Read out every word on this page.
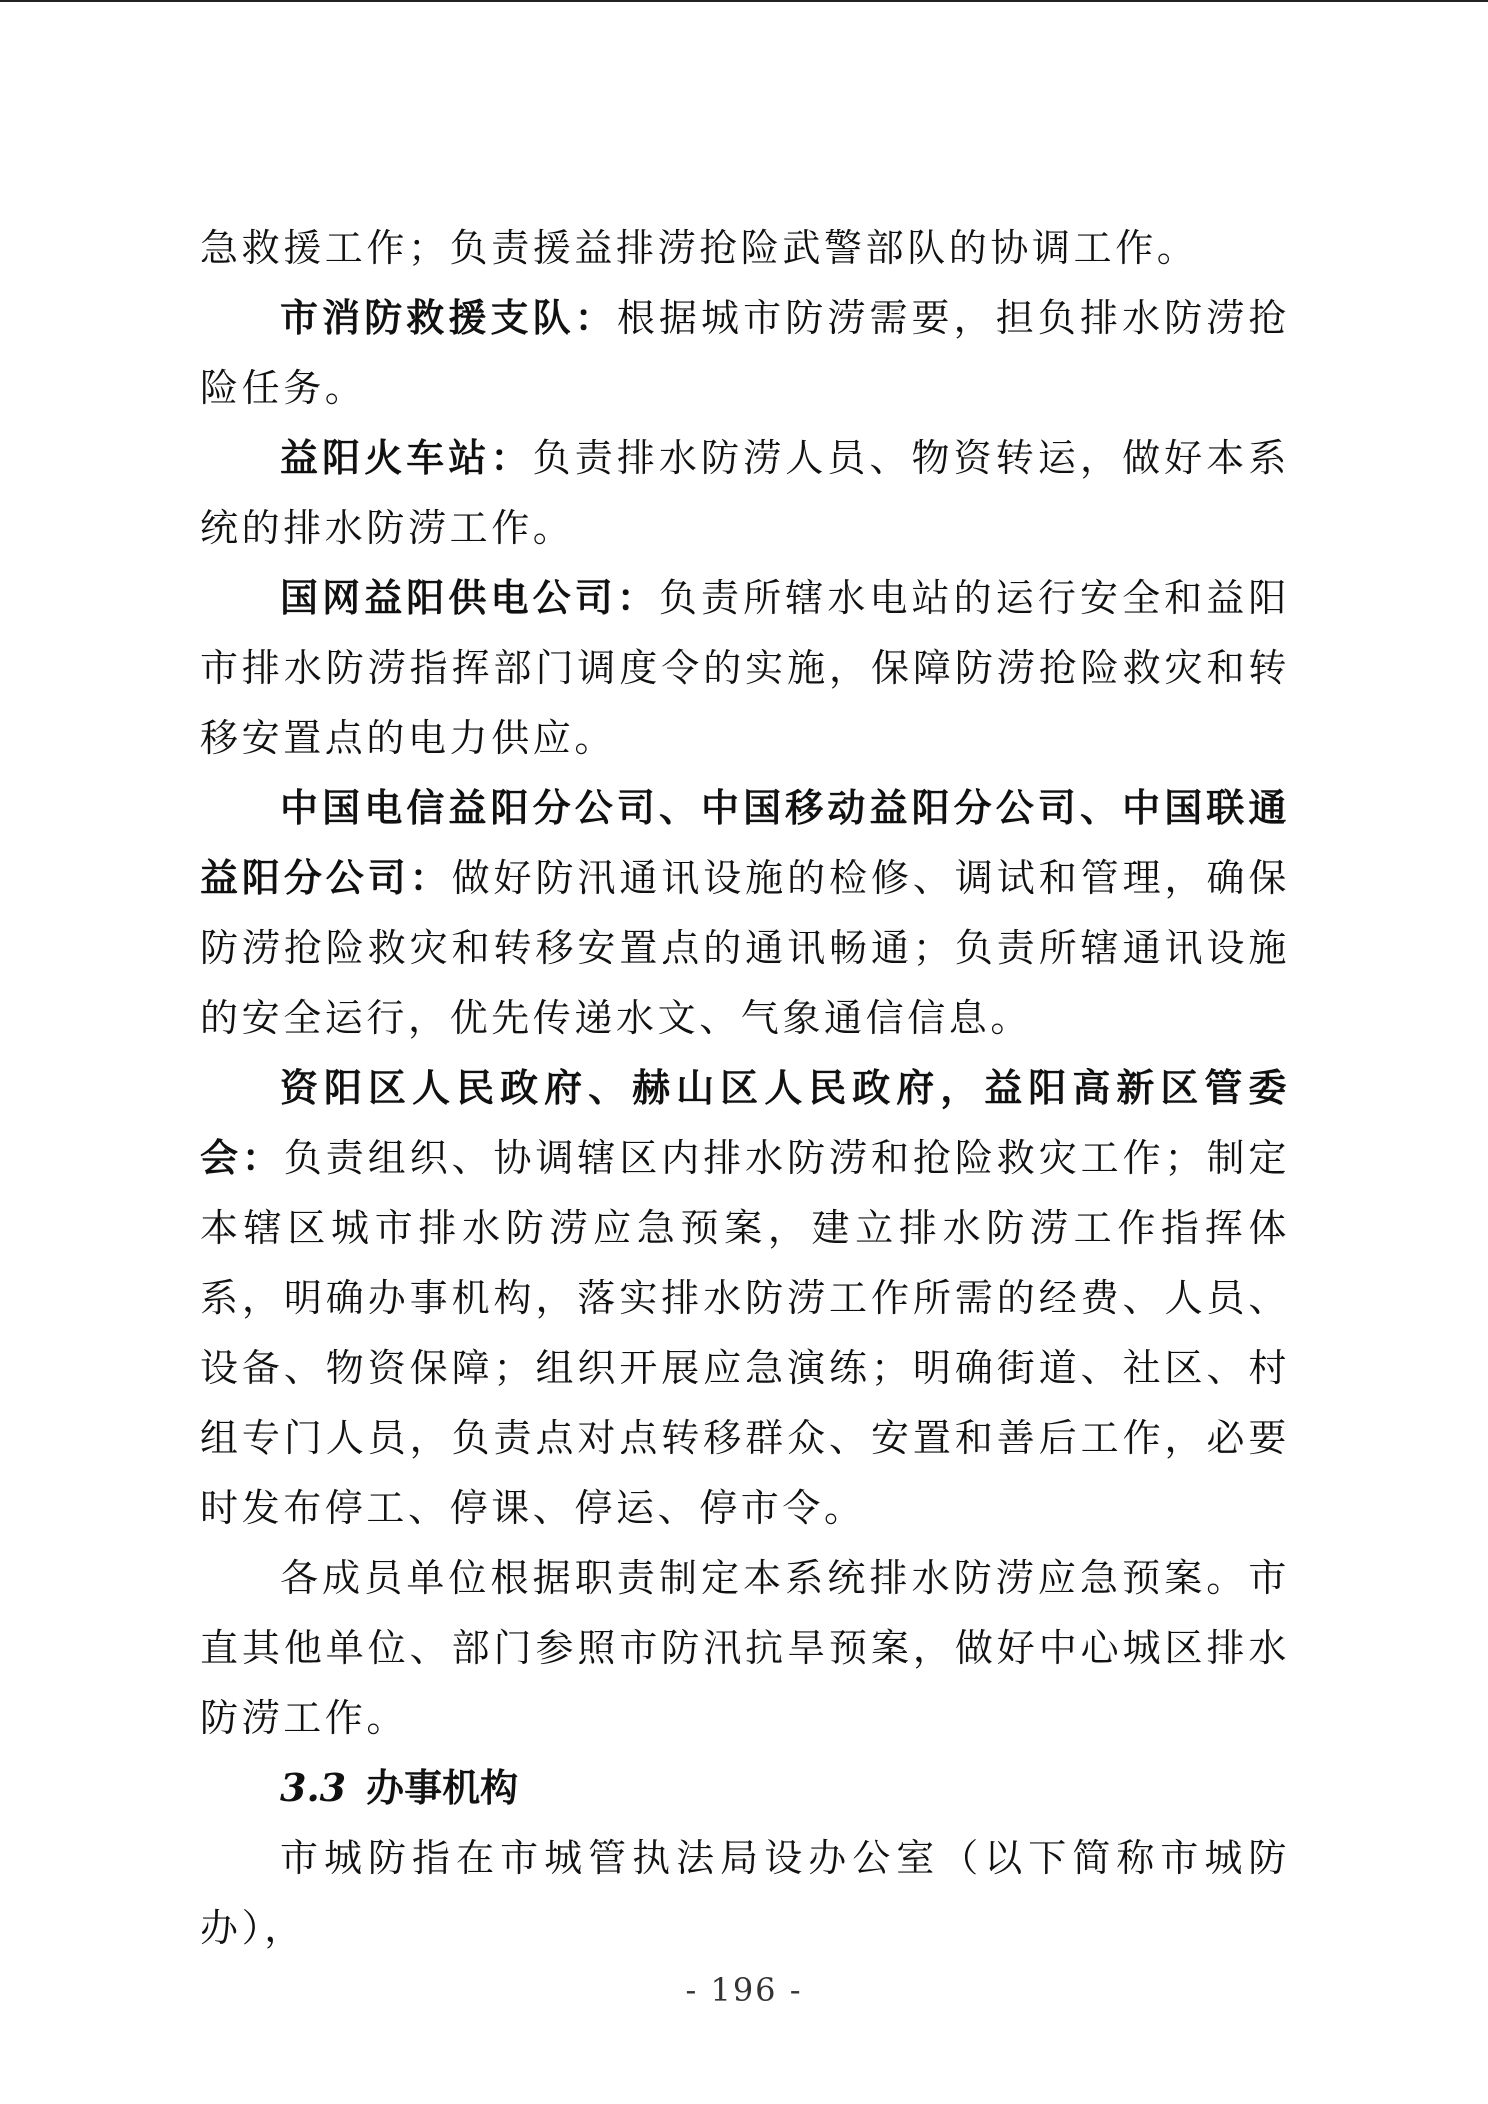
急救援工作；负责援益排涝抢险武警部队的协调工作。

市消防救援支队：根据城市防涝需要，担负排水防涝抢险任务。

益阳火车站：负责排水防涝人员、物资转运，做好本系统的排水防涝工作。

国网益阳供电公司：负责所辖水电站的运行安全和益阳市排水防涝指挥部门调度令的实施，保障防涝抢险救灾和转移安置点的电力供应。

中国电信益阳分公司、中国移动益阳分公司、中国联通益阳分公司：做好防汛通讯设施的检修、调试和管理，确保防涝抢险救灾和转移安置点的通讯畅通；负责所辖通讯设施的安全运行，优先传递水文、气象通信信息。

资阳区人民政府、赫山区人民政府，益阳高新区管委会：负责组织、协调辖区内排水防涝和抢险救灾工作；制定本辖区城市排水防涝应急预案，建立排水防涝工作指挥体系，明确办事机构，落实排水防涝工作所需的经费、人员、设备、物资保障；组织开展应急演练；明确街道、社区、村组专门人员，负责点对点转移群众、安置和善后工作，必要时发布停工、停课、停运、停市令。

各成员单位根据职责制定本系统排水防涝应急预案。市直其他单位、部门参照市防汛抗旱预案，做好中心城区排水防涝工作。

3.3 办事机构

市城防指在市城管执法局设办公室（以下简称市城防办），

- 196 -
